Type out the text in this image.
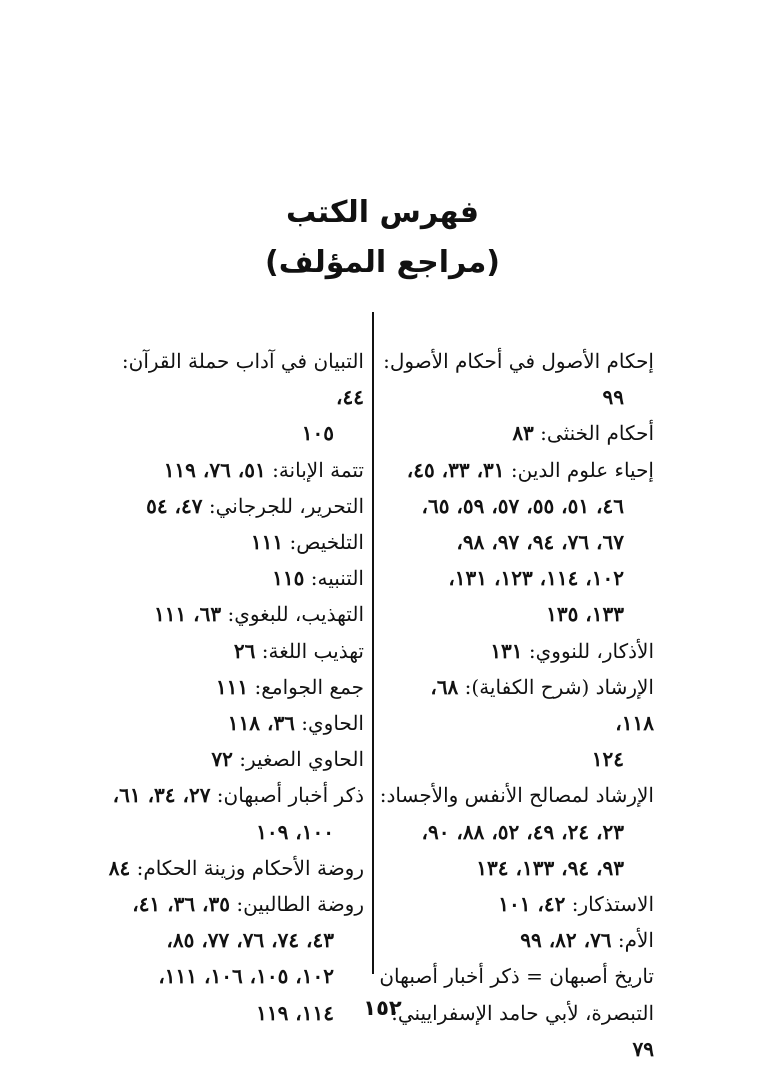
فهرس الكتب
(مراجع المؤلف)
إحكام الأصول في أحكام الأصول:
٩٩
أحكام الخنثى: ٨٣
إحياء علوم الدين: ٣١، ٣٣، ٤٥،
٤٦، ٥١، ٥٥، ٥٧، ٥٩، ٦٥،
٦٧، ٧٦، ٩٤، ٩٧، ٩٨،
١٠٢، ١١٤، ١٢٣، ١٣١،
١٣٣، ١٣٥
الأذكار، للنووي: ١٣١
الإرشاد (شرح الكفاية): ٦٨، ١١٨،
١٢٤
الإرشاد لمصالح الأنفس والأجساد:
٢٣، ٢٤، ٤٩، ٥٢، ٨٨، ٩٠،
٩٣، ٩٤، ١٣٣، ١٣٤
الاستذكار: ٤٢، ١٠١
الأم: ٧٦، ٨٢، ٩٩
تاريخ أصبهان = ذكر أخبار أصبهان
التبصرة، لأبي حامد الإسفراييني: ٧٩
التبيان في آداب حملة القرآن: ٤٤،
١٠٥
تتمة الإبانة: ٥١، ٧٦، ١١٩
التحرير، للجرجاني: ٤٧، ٥٤
التلخيص: ١١١
التنبيه: ١١٥
التهذيب، للبغوي: ٦٣، ١١١
تهذيب اللغة: ٢٦
جمع الجوامع: ١١١
الحاوي: ٣٦، ١١٨
الحاوي الصغير: ٧٢
ذكر أخبار أصبهان: ٢٧، ٣٤، ٦١،
١٠٠، ١٠٩
روضة الأحكام وزينة الحكام: ٨٤
روضة الطالبين: ٣٥، ٣٦، ٤١،
٤٣، ٧٤، ٧٦، ٧٧، ٨٥،
١٠٢، ١٠٥، ١٠٦، ١١١،
١١٤، ١١٩	١٥٢
